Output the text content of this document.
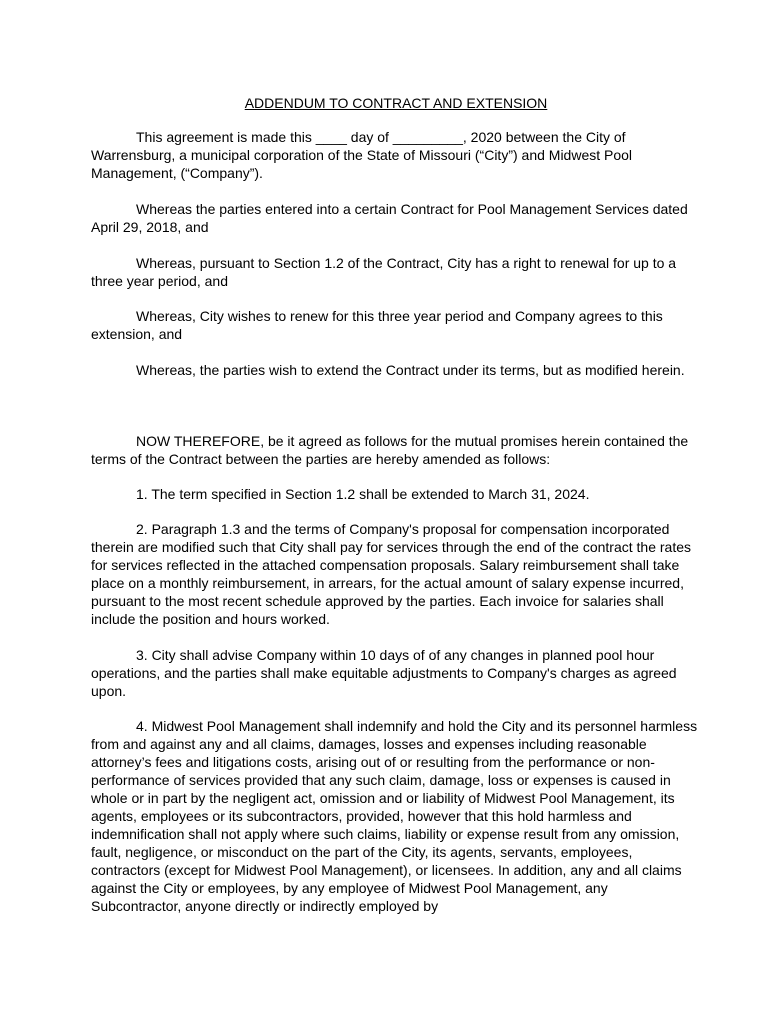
ADDENDUM TO CONTRACT AND EXTENSION

This agreement is made this ____ day of _________, 2020 between the City of Warrensburg, a municipal corporation of the State of Missouri (“City”) and Midwest Pool Management, (“Company”).

Whereas the parties entered into a certain Contract for Pool Management Services dated April 29, 2018, and

Whereas, pursuant to Section 1.2 of the Contract, City has a right to renewal for up to a three year period, and

Whereas, City wishes to renew for this three year period and Company agrees to this extension, and

Whereas, the parties wish to extend the Contract under its terms, but as modified herein.

NOW THEREFORE, be it agreed as follows for the mutual promises herein contained the terms of the Contract between the parties are hereby amended as follows:

1. The term specified in Section 1.2 shall be extended to March 31, 2024.

2. Paragraph 1.3 and the terms of Company's proposal for compensation incorporated therein are modified such that City shall pay for services through the end of the contract the rates for services reflected in the attached compensation proposals. Salary reimbursement shall take place on a monthly reimbursement, in arrears, for the actual amount of salary expense incurred, pursuant to the most recent schedule approved by the parties. Each invoice for salaries shall include the position and hours worked.

3. City shall advise Company within 10 days of of any changes in planned pool hour operations, and the parties shall make equitable adjustments to Company's charges as agreed upon.

4. Midwest Pool Management shall indemnify and hold the City and its personnel harmless from and against any and all claims, damages, losses and expenses including reasonable attorney’s fees and litigations costs, arising out of or resulting from the performance or non-performance of services provided that any such claim, damage, loss or expenses is caused in whole or in part by the negligent act, omission and or liability of Midwest Pool Management, its agents, employees or its subcontractors, provided, however that this hold harmless and indemnification shall not apply where such claims, liability or expense result from any omission, fault, negligence, or misconduct on the part of the City, its agents, servants, employees, contractors (except for Midwest Pool Management), or licensees. In addition, any and all claims against the City or employees, by any employee of Midwest Pool Management, any Subcontractor, anyone directly or indirectly employed by
